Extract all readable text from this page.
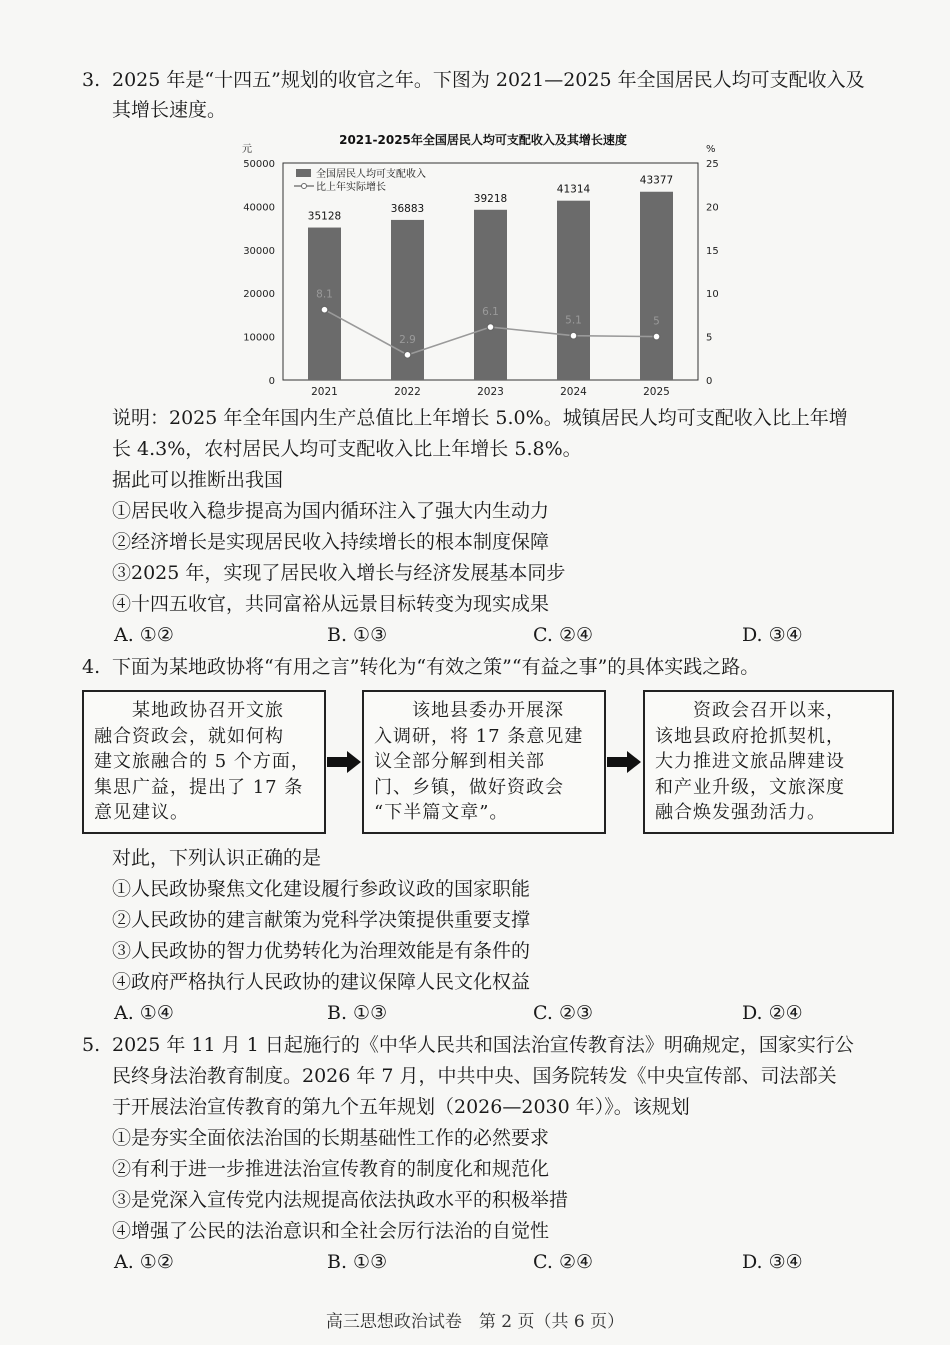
3. 2025 年是“十四五”规划的收官之年。下图为 2021—2025 年全国居民人均可支配收入及
其增长速度。
2021-2025年全国居民人均可支配收入及其增长速度
元	%
0
10000
20000
30000
40000
50000
0
5
10
15
20
25
35128
36883
39218
41314
43377
2021	2022	2023	2024	2025
8.1
2.9
6.1
5.1	5
全国居民人均可支配收入
比上年实际增长
说明：2025 年全年国内生产总值比上年增长 5.0%。城镇居民人均可支配收入比上年增
长 4.3%，农村居民人均可支配收入比上年增长 5.8%。
据此可以推断出我国
①居民收入稳步提高为国内循环注入了强大内生动力
②经济增长是实现居民收入持续增长的根本制度保障
③2025 年，实现了居民收入增长与经济发展基本同步
④十四五收官，共同富裕从远景目标转变为现实成果
A. ①②	B. ①③	C. ②④	D. ③④
4. 下面为某地政协将“有用之言”转化为“有效之策”“有益之事”的具体实践之路。
　　某地政协召开文旅
融合资政会，就如何构
建文旅融合的 5 个方面，
集思广益，提出了 17 条
意见建议。
　　该地县委办开展深
入调研，将 17 条意见建
议全部分解到相关部
门、乡镇，做好资政会
“下半篇文章”。
　　资政会召开以来，
该地县政府抢抓契机，
大力推进文旅品牌建设
和产业升级，文旅深度
融合焕发强劲活力。
对此，下列认识正确的是
①人民政协聚焦文化建设履行参政议政的国家职能
②人民政协的建言献策为党科学决策提供重要支撑
③人民政协的智力优势转化为治理效能是有条件的
④政府严格执行人民政协的建议保障人民文化权益
A. ①④	B. ①③	C. ②③	D. ②④
5. 2025 年 11 月 1 日起施行的《中华人民共和国法治宣传教育法》明确规定，国家实行公
民终身法治教育制度。2026 年 7 月，中共中央、国务院转发《中央宣传部、司法部关
于开展法治宣传教育的第九个五年规划（2026—2030 年）》。该规划
①是夯实全面依法治国的长期基础性工作的必然要求
②有利于进一步推进法治宣传教育的制度化和规范化
③是党深入宣传党内法规提高依法执政水平的积极举措
④增强了公民的法治意识和全社会厉行法治的自觉性
A. ①②	B. ①③	C. ②④	D. ③④
高三思想政治试卷　第 2 页（共 6 页）
